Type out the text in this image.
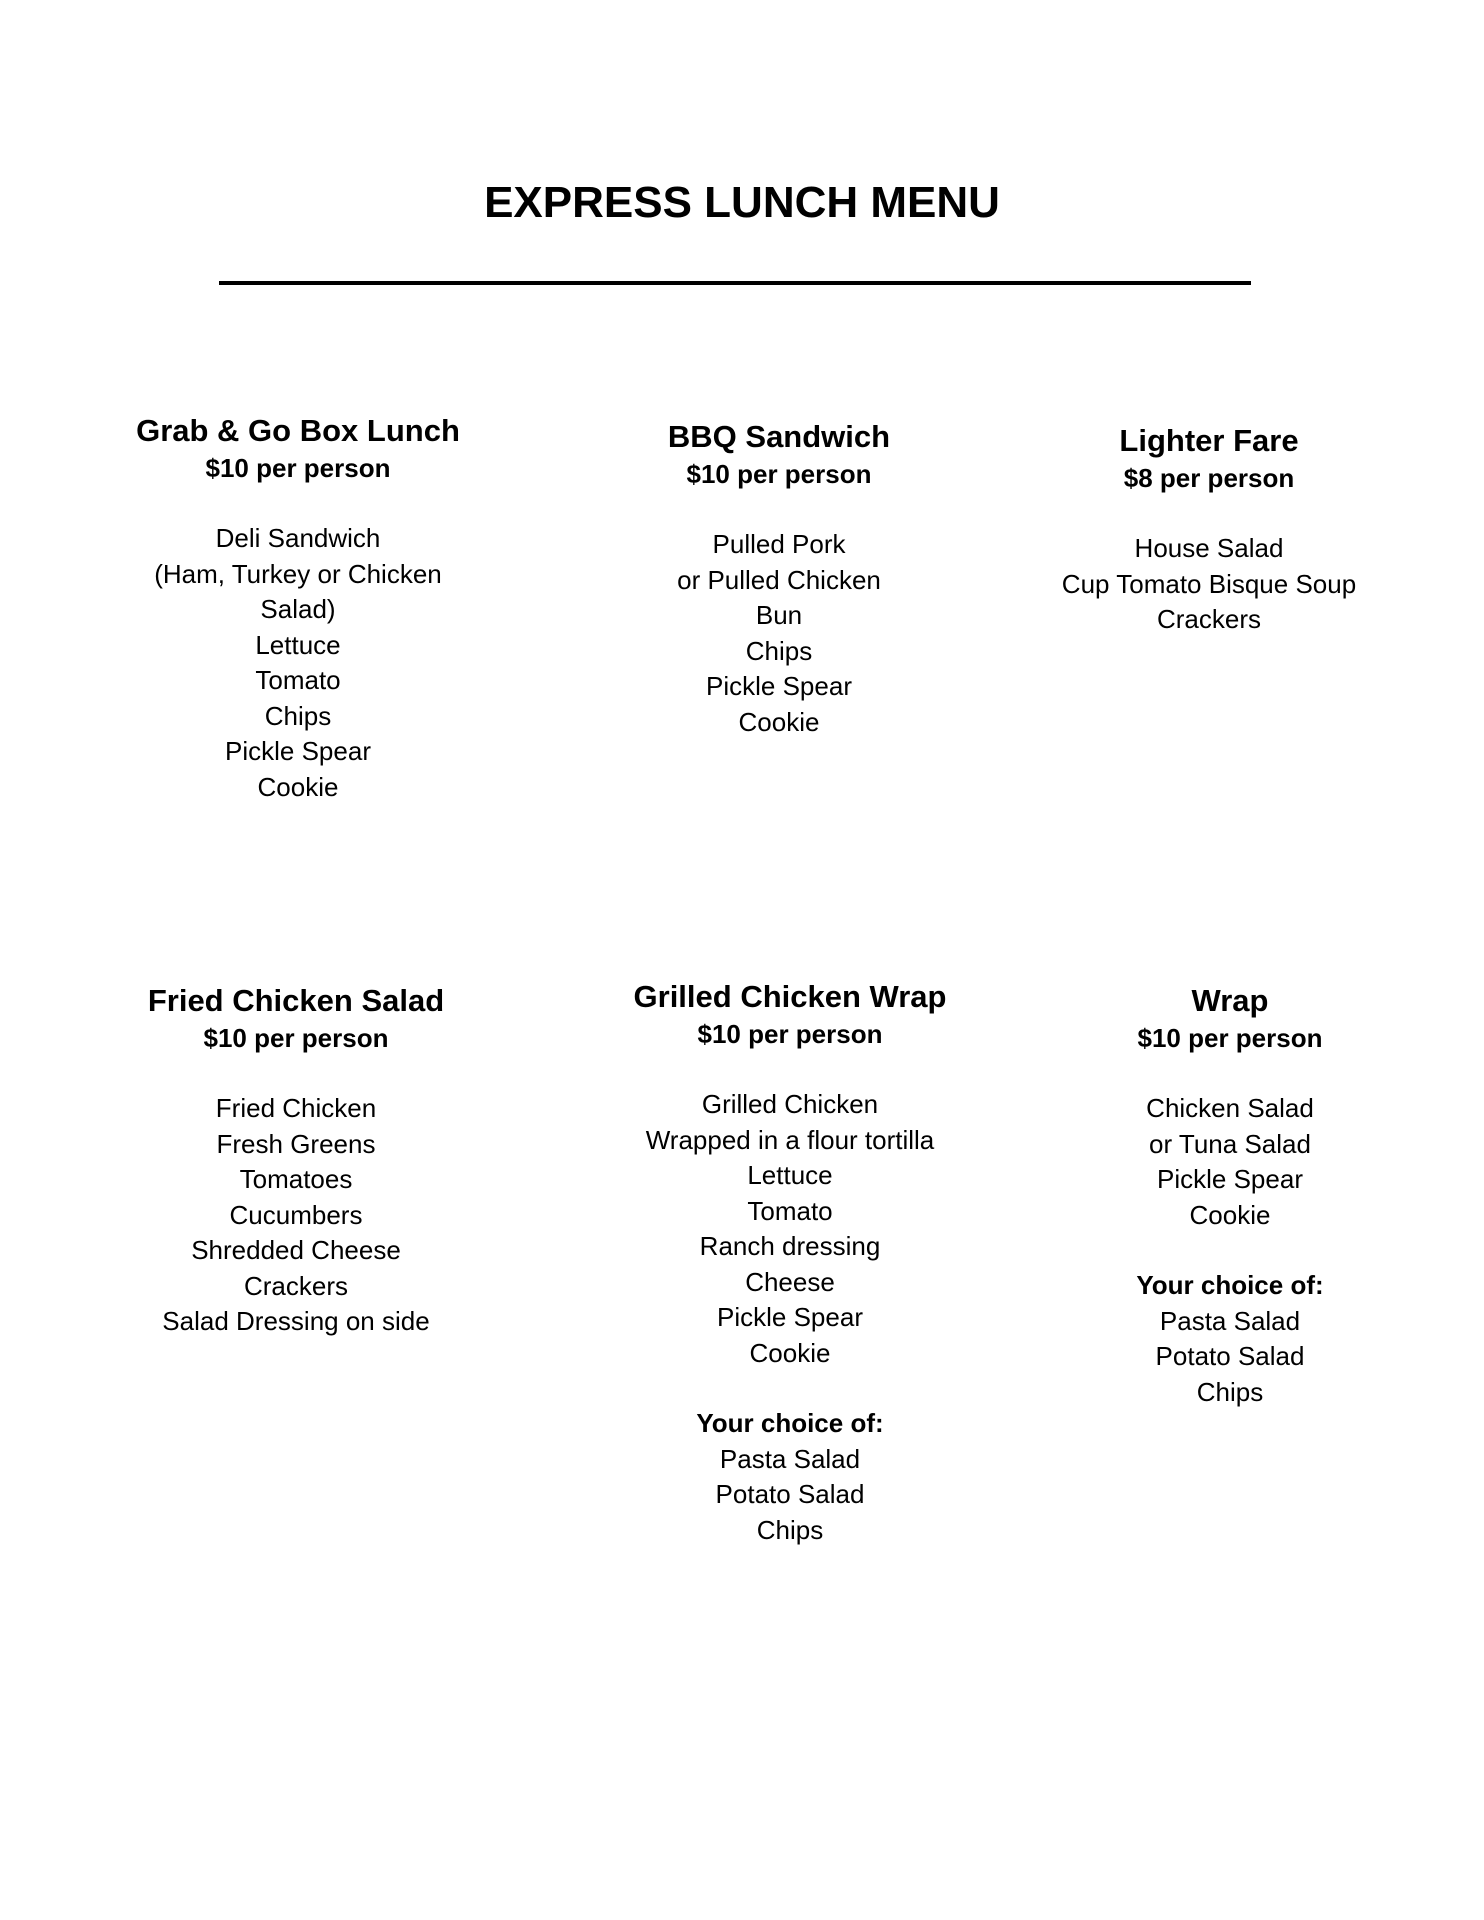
EXPRESS LUNCH MENU
Grab & Go Box Lunch

$10 per person

Deli Sandwich
(Ham, Turkey or Chicken Salad)
Lettuce
Tomato
Chips
Pickle Spear
Cookie
BBQ Sandwich

$10 per person

Pulled Pork
or Pulled Chicken
Bun
Chips
Pickle Spear
Cookie
Lighter Fare

$8 per person

House Salad
Cup Tomato Bisque Soup
Crackers
Fried Chicken Salad

$10 per person

Fried Chicken
Fresh Greens
Tomatoes
Cucumbers
Shredded Cheese
Crackers
Salad Dressing on side
Grilled Chicken Wrap

$10 per person

Grilled Chicken
Wrapped in a flour tortilla
Lettuce
Tomato
Ranch dressing
Cheese
Pickle Spear
Cookie

Your choice of:

Pasta Salad
Potato Salad
Chips
Wrap

$10 per person

Chicken Salad
or Tuna Salad
Pickle Spear
Cookie

Your choice of:

Pasta Salad
Potato Salad
Chips
